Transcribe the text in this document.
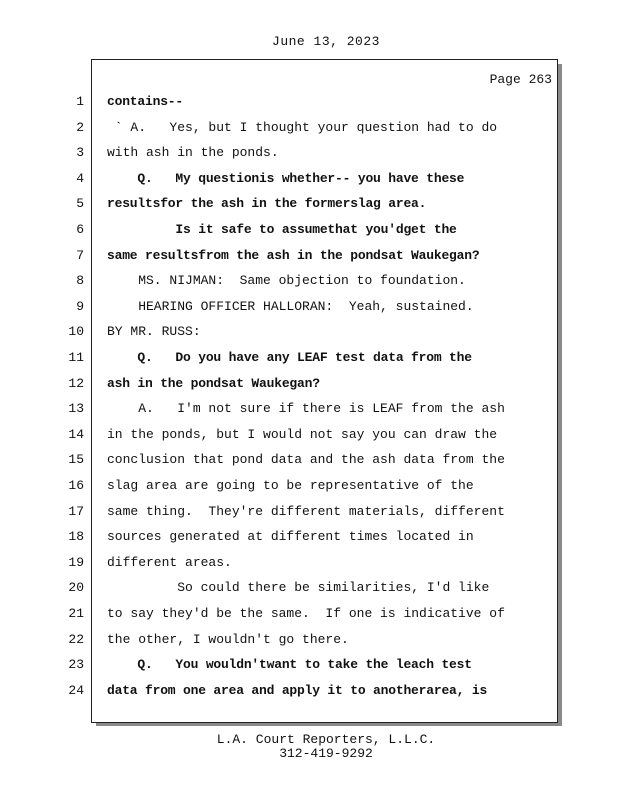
June 13, 2023
Page 263
1 contains--
2 ` A.   Yes, but I thought your question had to do
3 with ash in the ponds.
4 Q.   My questionis whether-- you have these
5 resultsfor the ash in the formerslag area.
6 Is it safe to assumethat you'dget the
7 same resultsfrom the ash in the pondsat Waukegan?
8 MS. NIJMAN:  Same objection to foundation.
9 HEARING OFFICER HALLORAN:  Yeah, sustained.
10 BY MR. RUSS:
11 Q.   Do you have any LEAF test data from the
12 ash in the pondsat Waukegan?
13 A.   I'm not sure if there is LEAF from the ash
14 in the ponds, but I would not say you can draw the
15 conclusion that pond data and the ash data from the
16 slag area are going to be representative of the
17 same thing.  They're different materials, different
18 sources generated at different times located in
19 different areas.
20 So could there be similarities, I'd like
21 to say they'd be the same.  If one is indicative of
22 the other, I wouldn't go there.
23 Q.   You wouldn'twant to take the leach test
24 data from one area and apply it to anotherarea, is
L.A. Court Reporters, L.L.C.
312-419-9292
